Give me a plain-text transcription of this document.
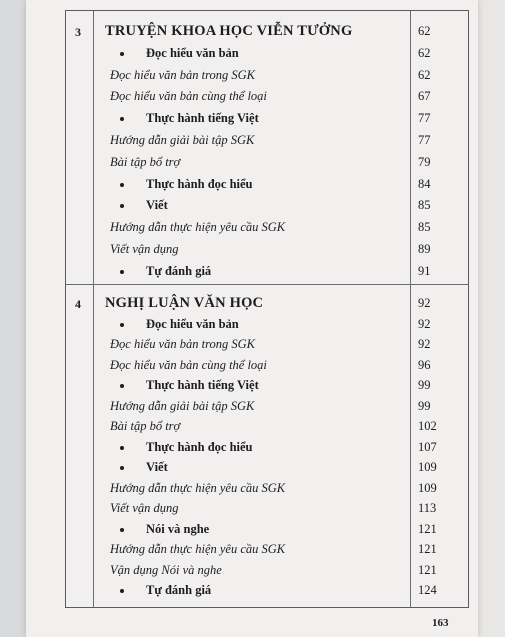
3 TRUYỆN KHOA HỌC VIỄN TƯỞNG	62
Đọc hiểu văn bản	62
Đọc hiểu văn bản trong SGK	62
Đọc hiểu văn bản cùng thể loại	67
Thực hành tiếng Việt	77
Hướng dẫn giải bài tập SGK	77
Bài tập bổ trợ	79
Thực hành đọc hiểu	84
Viết	85
Hướng dẫn thực hiện yêu cầu SGK	85
Viết vận dụng	89
Tự đánh giá	91
4 NGHỊ LUẬN VĂN HỌC	92
Đọc hiểu văn bản	92
Đọc hiểu văn bản trong SGK	92
Đọc hiểu văn bản cùng thể loại	96
Thực hành tiếng Việt	99
Hướng dẫn giải bài tập SGK	99
Bài tập bổ trợ	102
Thực hành đọc hiểu	107
Viết	109
Hướng dẫn thực hiện yêu cầu SGK	109
Viết vận dụng	113
Nói và nghe	121
Hướng dẫn thực hiện yêu cầu SGK	121
Vận dụng Nói và nghe	121
Tự đánh giá	124
163
